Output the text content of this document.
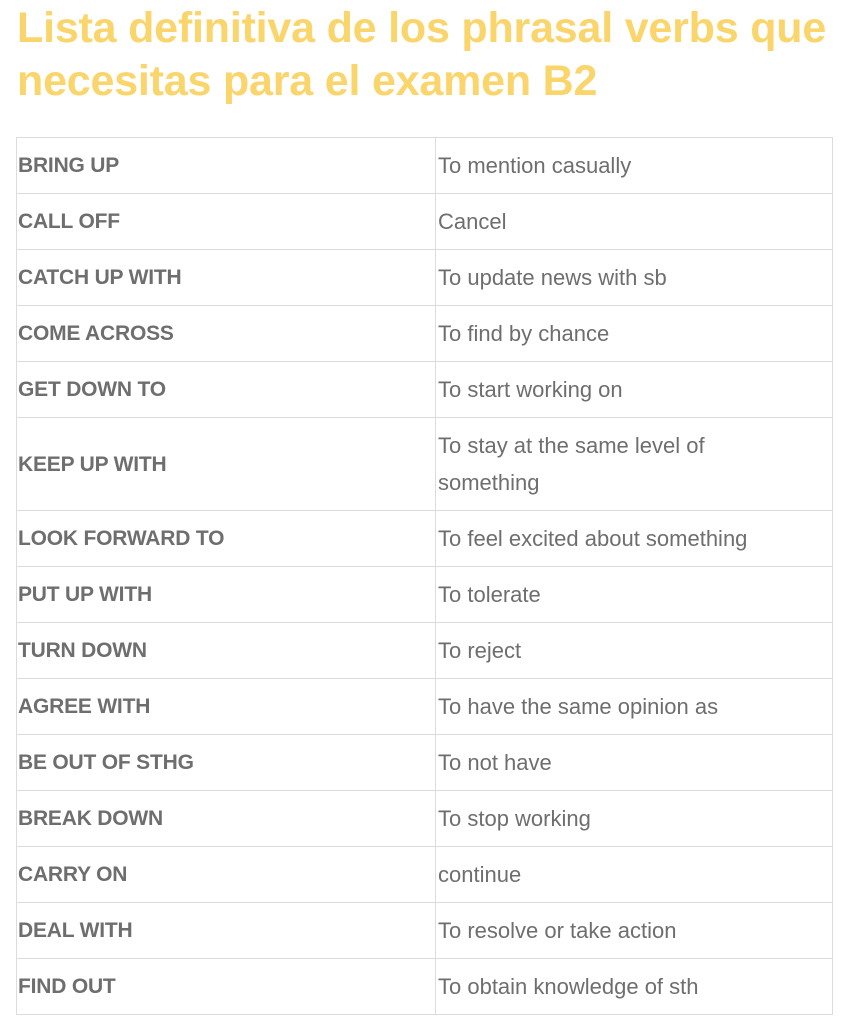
Lista definitiva de los phrasal verbs que necesitas para el examen B2
BRING UP	To mention casually
CALL OFF	Cancel
CATCH UP WITH	To update news with sb
COME ACROSS	To find by chance
GET DOWN TO	To start working on
KEEP UP WITH	To stay at the same level of something
LOOK FORWARD TO	To feel excited about something
PUT UP WITH	To tolerate
TURN DOWN	To reject
AGREE WITH	To have the same opinion as
BE OUT OF STHG	To not have
BREAK DOWN	To stop working
CARRY ON	continue
DEAL WITH	To resolve or take action
FIND OUT	To obtain knowledge of sth
